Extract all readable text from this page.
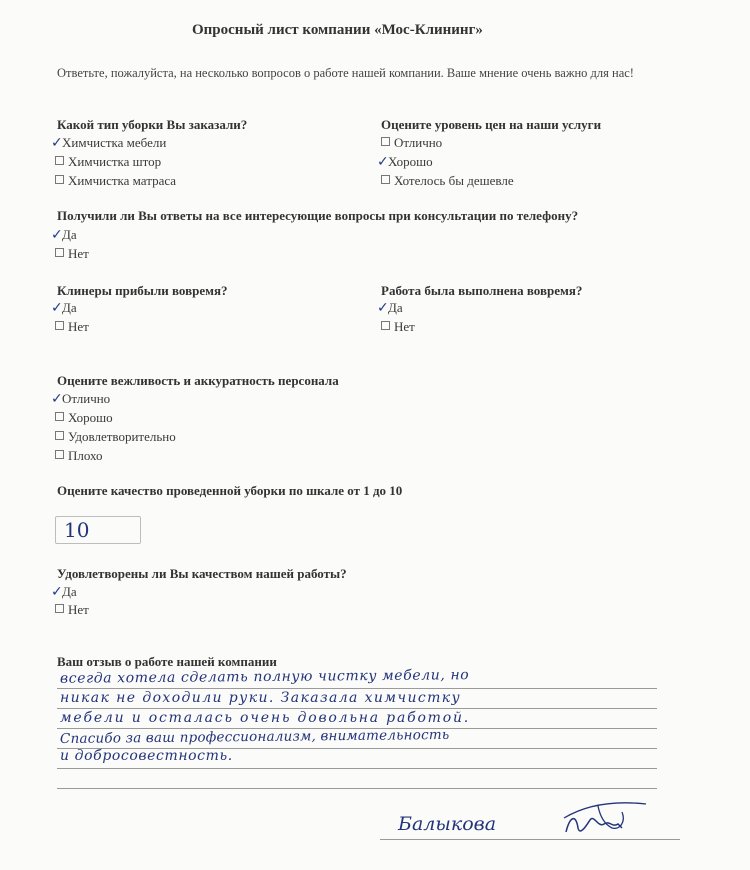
Опросный лист компании «Мос-Клининг»
Ответьте, пожалуйста, на несколько вопросов о работе нашей компании. Ваше мнение очень важно для нас!
Какой тип уборки Вы заказали?
✓Химчистка мебели
Химчистка штор
Химчистка матраса
Оцените уровень цен на наши услуги
Отлично
✓Хорошо
Хотелось бы дешевле
Получили ли Вы ответы на все интересующие вопросы при консультации по телефону?
✓Да
Нет
Клинеры прибыли вовремя?
✓Да
Нет
Работа была выполнена вовремя?
✓Да
Нет
Оцените вежливость и аккуратность персонала
✓Отлично
Хорошо
Удовлетворительно
Плохо
Оцените качество проведенной уборки по шкале от 1 до 10
10
Удовлетворены ли Вы качеством нашей работы?
✓Да
Нет
Ваш отзыв о работе нашей компании
всегда хотела сделать полную чистку мебели, но
никак не доходили руки. Заказала химчистку
мебели и осталась очень довольна работой.
Спасибо за ваш профессионализм, внимательность
и добросовестность.
Балыкова
